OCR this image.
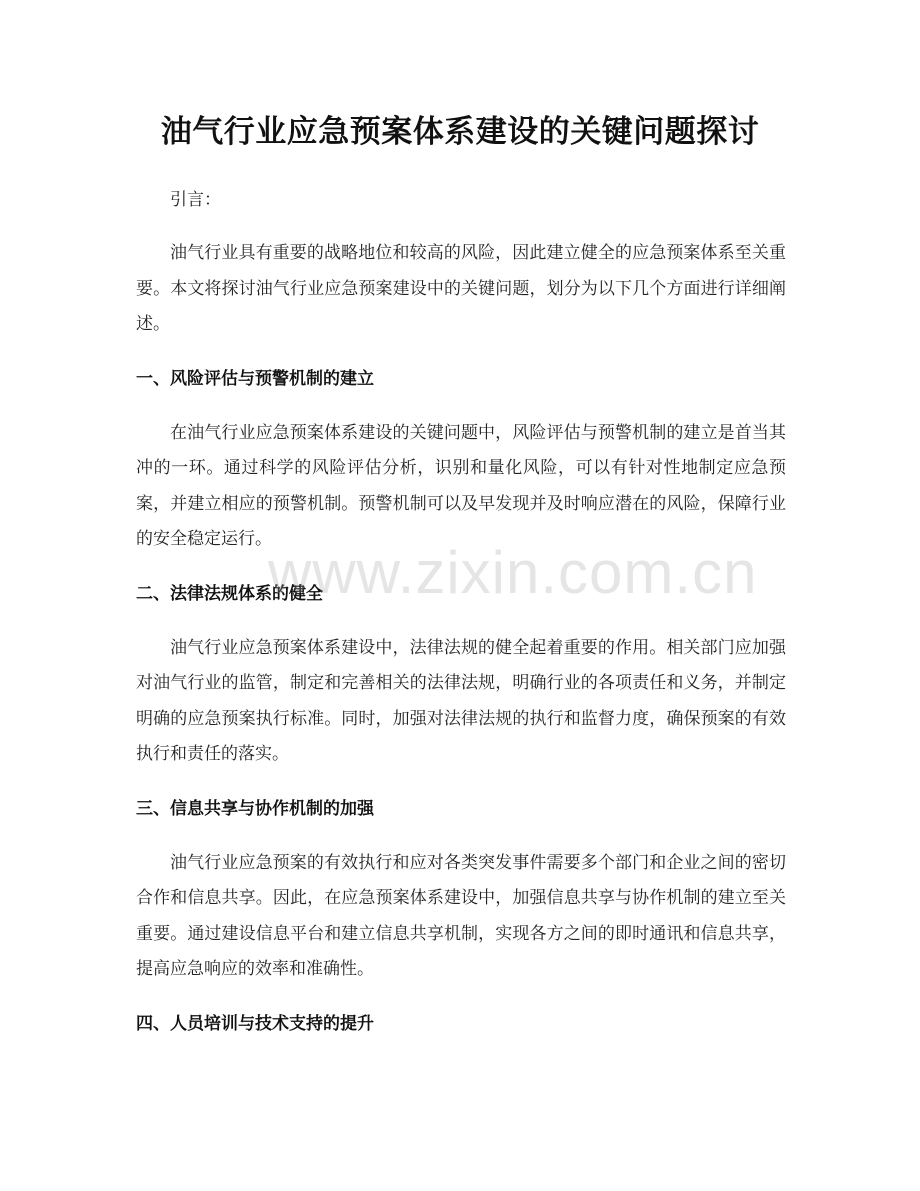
油气行业应急预案体系建设的关键问题探讨

引言：

油气行业具有重要的战略地位和较高的风险，因此建立健全的应急预案体系至关重要。本文将探讨油气行业应急预案建设中的关键问题，划分为以下几个方面进行详细阐述。

一、风险评估与预警机制的建立

在油气行业应急预案体系建设的关键问题中，风险评估与预警机制的建立是首当其冲的一环。通过科学的风险评估分析，识别和量化风险，可以有针对性地制定应急预案，并建立相应的预警机制。预警机制可以及早发现并及时响应潜在的风险，保障行业的安全稳定运行。

二、法律法规体系的健全

油气行业应急预案体系建设中，法律法规的健全起着重要的作用。相关部门应加强对油气行业的监管，制定和完善相关的法律法规，明确行业的各项责任和义务，并制定明确的应急预案执行标准。同时，加强对法律法规的执行和监督力度，确保预案的有效执行和责任的落实。

三、信息共享与协作机制的加强

油气行业应急预案的有效执行和应对各类突发事件需要多个部门和企业之间的密切合作和信息共享。因此，在应急预案体系建设中，加强信息共享与协作机制的建立至关重要。通过建设信息平台和建立信息共享机制，实现各方之间的即时通讯和信息共享，提高应急响应的效率和准确性。

四、人员培训与技术支持的提升
www.zixin.com.cn
